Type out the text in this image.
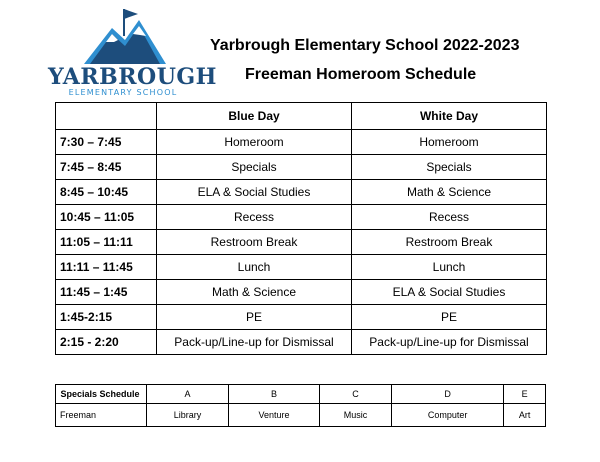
YARBROUGH
ELEMENTARY SCHOOL
Yarbrough Elementary School 2022-2023
Freeman Homeroom Schedule
	Blue Day	White Day
7:30 – 7:45	Homeroom	Homeroom
7:45 – 8:45	Specials	Specials
8:45 – 10:45	ELA & Social Studies	Math & Science
10:45 – 11:05	Recess	Recess
11:05 – 11:11	Restroom Break	Restroom Break
11:11 – 11:45	Lunch	Lunch
11:45 – 1:45	Math & Science	ELA & Social Studies
1:45-2:15	PE	PE
2:15 - 2:20	Pack-up/Line-up for Dismissal	Pack-up/Line-up for Dismissal
Specials Schedule	A	B	C	D	E
Freeman	Library	Venture	Music	Computer	Art
